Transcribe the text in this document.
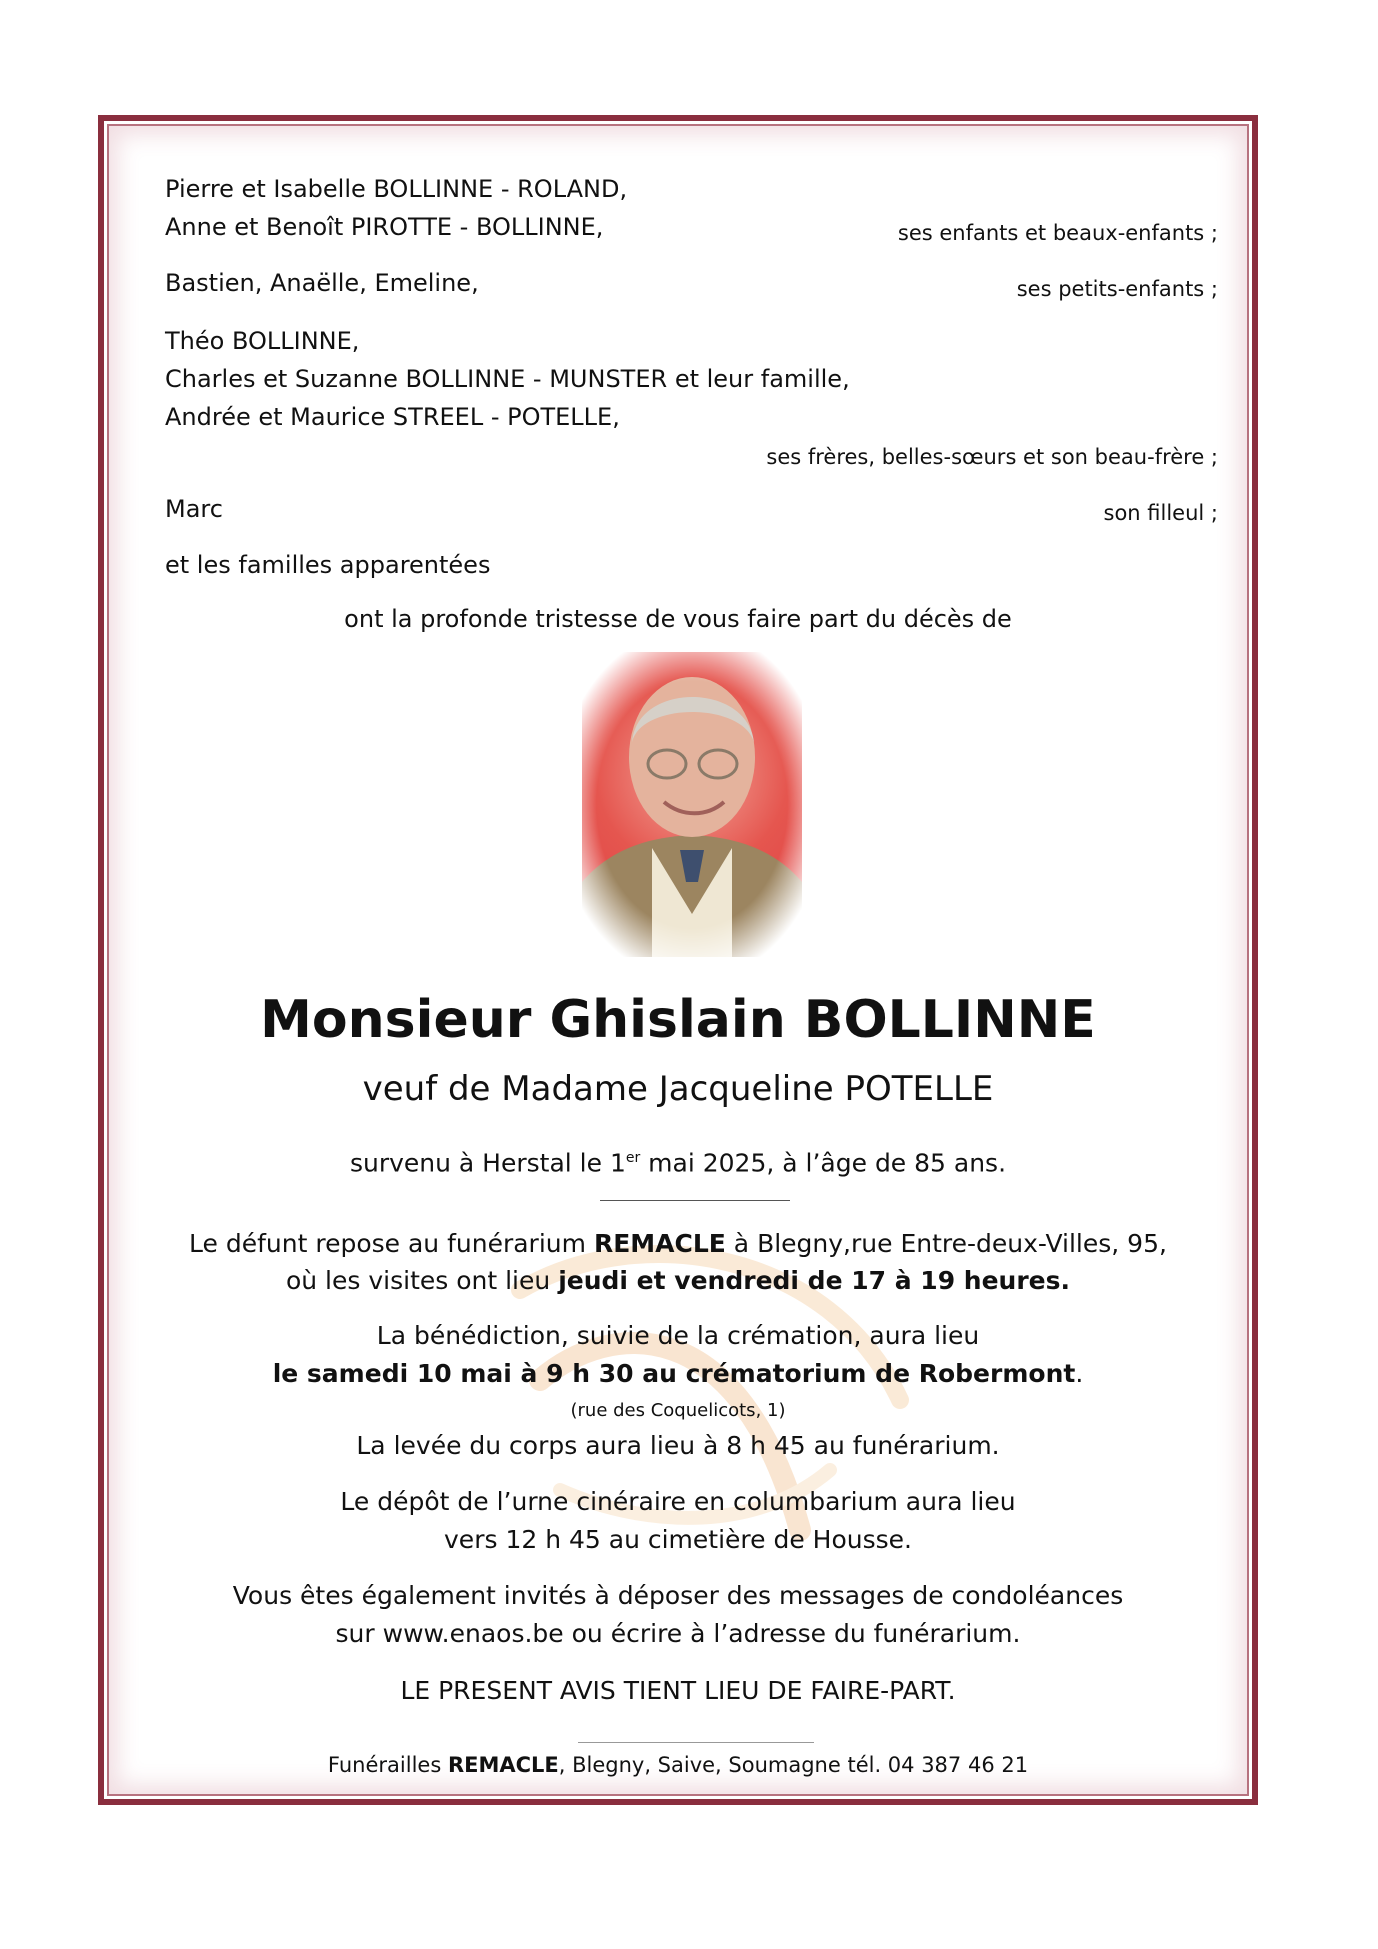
Pierre et Isabelle BOLLINNE - ROLAND,
Anne et Benoît PIROTTE - BOLLINNE,	ses enfants et beaux-enfants ;
Bastien, Anaëlle, Emeline,	ses petits-enfants ;
Théo BOLLINNE,
Charles et Suzanne BOLLINNE - MUNSTER et leur famille,
Andrée et Maurice STREEL - POTELLE,
ses frères, belles-sœurs et son beau-frère ;
Marc	son filleul ;
et les familles apparentées
ont la profonde tristesse de vous faire part du décès de
Monsieur Ghislain BOLLINNE
veuf de Madame Jacqueline POTELLE
survenu à Herstal le 1er mai 2025, à l’âge de 85 ans.
Le défunt repose au funérarium REMACLE à Blegny,rue Entre-deux-Villes, 95,
où les visites ont lieu jeudi et vendredi de 17 à 19 heures.
La bénédiction, suivie de la crémation, aura lieu
le samedi 10 mai à 9 h 30 au crématorium de Robermont.
(rue des Coquelicots, 1)
La levée du corps aura lieu à 8 h 45 au funérarium.
Le dépôt de l’urne cinéraire en columbarium aura lieu
vers 12 h 45 au cimetière de Housse.
Vous êtes également invités à déposer des messages de condoléances
sur www.enaos.be ou écrire à l’adresse du funérarium.
LE PRESENT AVIS TIENT LIEU DE FAIRE-PART.
Funérailles REMACLE, Blegny, Saive, Soumagne tél. 04 387 46 21
